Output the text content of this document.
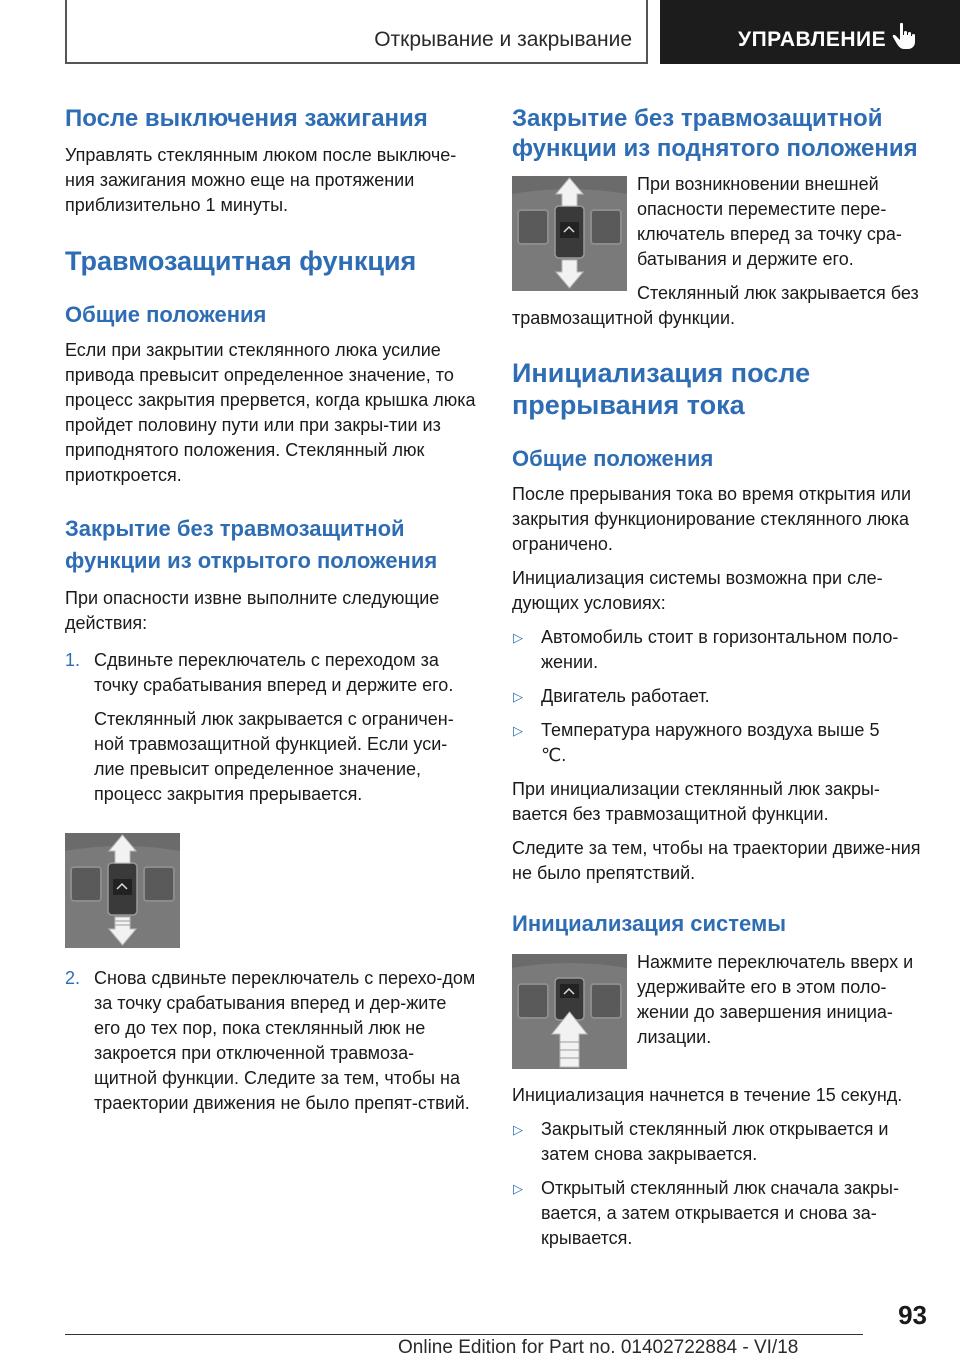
Открывание и закрывание	УПРАВЛЕНИЕ
После выключения зажигания

Управлять стеклянным люком после выключе-ния зажигания можно еще на протяжении приблизительно 1 минуты.

Травмозащитная функция
Общие положения

Если при закрытии стеклянного люка усилие привода превысит определенное значение, то процесс закрытия прервется, когда крышка люка пройдет половину пути или при закры-тии из приподнятого положения. Стеклянный люк приоткроется.

Закрытие без травмозащитной функции из открытого положения

При опасности извне выполните следующие действия:

1. Сдвиньте переключатель с переходом за точку срабатывания вперед и держите его.

Стеклянный люк закрывается с ограничен-ной травмозащитной функцией. Если уси-лие превысит определенное значение, процесс закрытия прерывается.

2. Снова сдвиньте переключатель с перехо-дом за точку срабатывания вперед и дер-жите его до тех пор, пока стеклянный люк не закроется при отключенной травмоза-щитной функции. Следите за тем, чтобы на траектории движения не было препят-ствий.

Закрытие без травмозащитной функции из поднятого положения

При возникновении внешней опасности переместите пере-ключатель вперед за точку сра-батывания и держите его.

Стеклянный люк закрывается без травмозащитной функции.

Инициализация после прерывания тока
Общие положения

После прерывания тока во время открытия или закрытия функционирование стеклянного люка ограничено.

Инициализация системы возможна при сле-дующих условиях:

▷ Автомобиль стоит в горизонтальном поло-жении.

▷ Двигатель работает.

▷ Температура наружного воздуха выше 5 ℃.

При инициализации стеклянный люк закры-вается без травмозащитной функции.

Следите за тем, чтобы на траектории движе-ния не было препятствий.

Инициализация системы

Нажмите переключатель вверх и удерживайте его в этом поло-жении до завершения инициа-лизации.

Инициализация начнется в течение 15 секунд.

▷ Закрытый стеклянный люк открывается и затем снова закрывается.

▷ Открытый стеклянный люк сначала закры-вается, а затем открывается и снова за-крывается.

93
Online Edition for Part no. 01402722884 - VI/18
